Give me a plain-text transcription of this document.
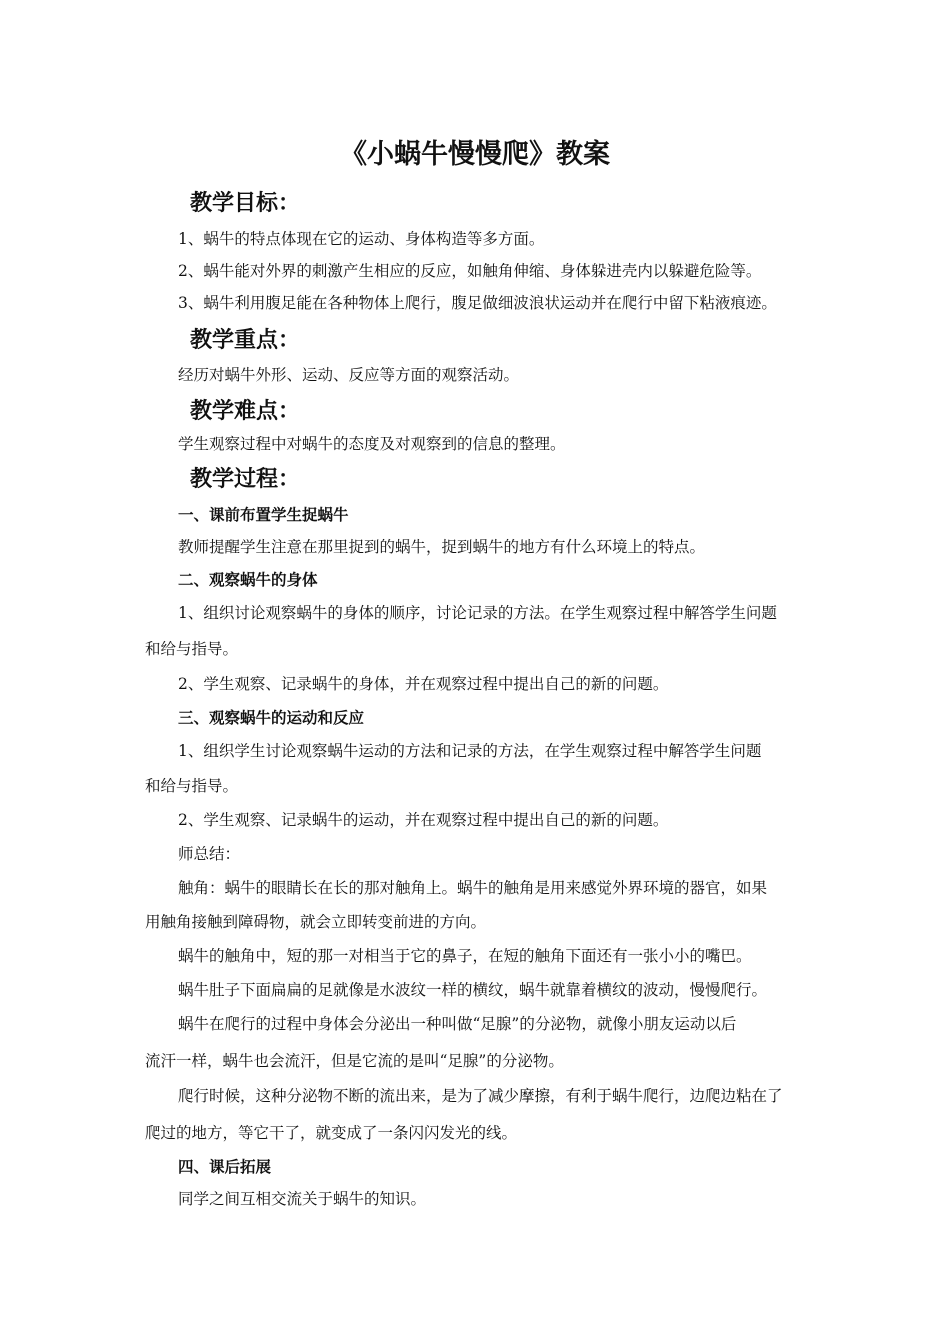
《小蜗牛慢慢爬》教案
教学目标：
1、蜗牛的特点体现在它的运动、身体构造等多方面。
2、蜗牛能对外界的刺激产生相应的反应，如触角伸缩、身体躲进壳内以躲避危险等。
3、蜗牛利用腹足能在各种物体上爬行，腹足做细波浪状运动并在爬行中留下粘液痕迹。
教学重点：
经历对蜗牛外形、运动、反应等方面的观察活动。
教学难点：
学生观察过程中对蜗牛的态度及对观察到的信息的整理。
教学过程：
一、课前布置学生捉蜗牛
教师提醒学生注意在那里捉到的蜗牛，捉到蜗牛的地方有什么环境上的特点。
二、观察蜗牛的身体
1、组织讨论观察蜗牛的身体的顺序，讨论记录的方法。在学生观察过程中解答学生问题
和给与指导。
2、学生观察、记录蜗牛的身体，并在观察过程中提出自己的新的问题。
三、观察蜗牛的运动和反应
1、组织学生讨论观察蜗牛运动的方法和记录的方法，在学生观察过程中解答学生问题
和给与指导。
2、学生观察、记录蜗牛的运动，并在观察过程中提出自己的新的问题。
师总结：
触角：蜗牛的眼睛长在长的那对触角上。蜗牛的触角是用来感觉外界环境的器官，如果
用触角接触到障碍物，就会立即转变前进的方向。
蜗牛的触角中，短的那一对相当于它的鼻子，在短的触角下面还有一张小小的嘴巴。
蜗牛肚子下面扁扁的足就像是水波纹一样的横纹，蜗牛就靠着横纹的波动，慢慢爬行。
蜗牛在爬行的过程中身体会分泌出一种叫做“足腺”的分泌物，就像小朋友运动以后
流汗一样，蜗牛也会流汗，但是它流的是叫“足腺”的分泌物。
爬行时候，这种分泌物不断的流出来，是为了减少摩擦，有利于蜗牛爬行，边爬边粘在了
爬过的地方，等它干了，就变成了一条闪闪发光的线。
四、课后拓展
同学之间互相交流关于蜗牛的知识。
